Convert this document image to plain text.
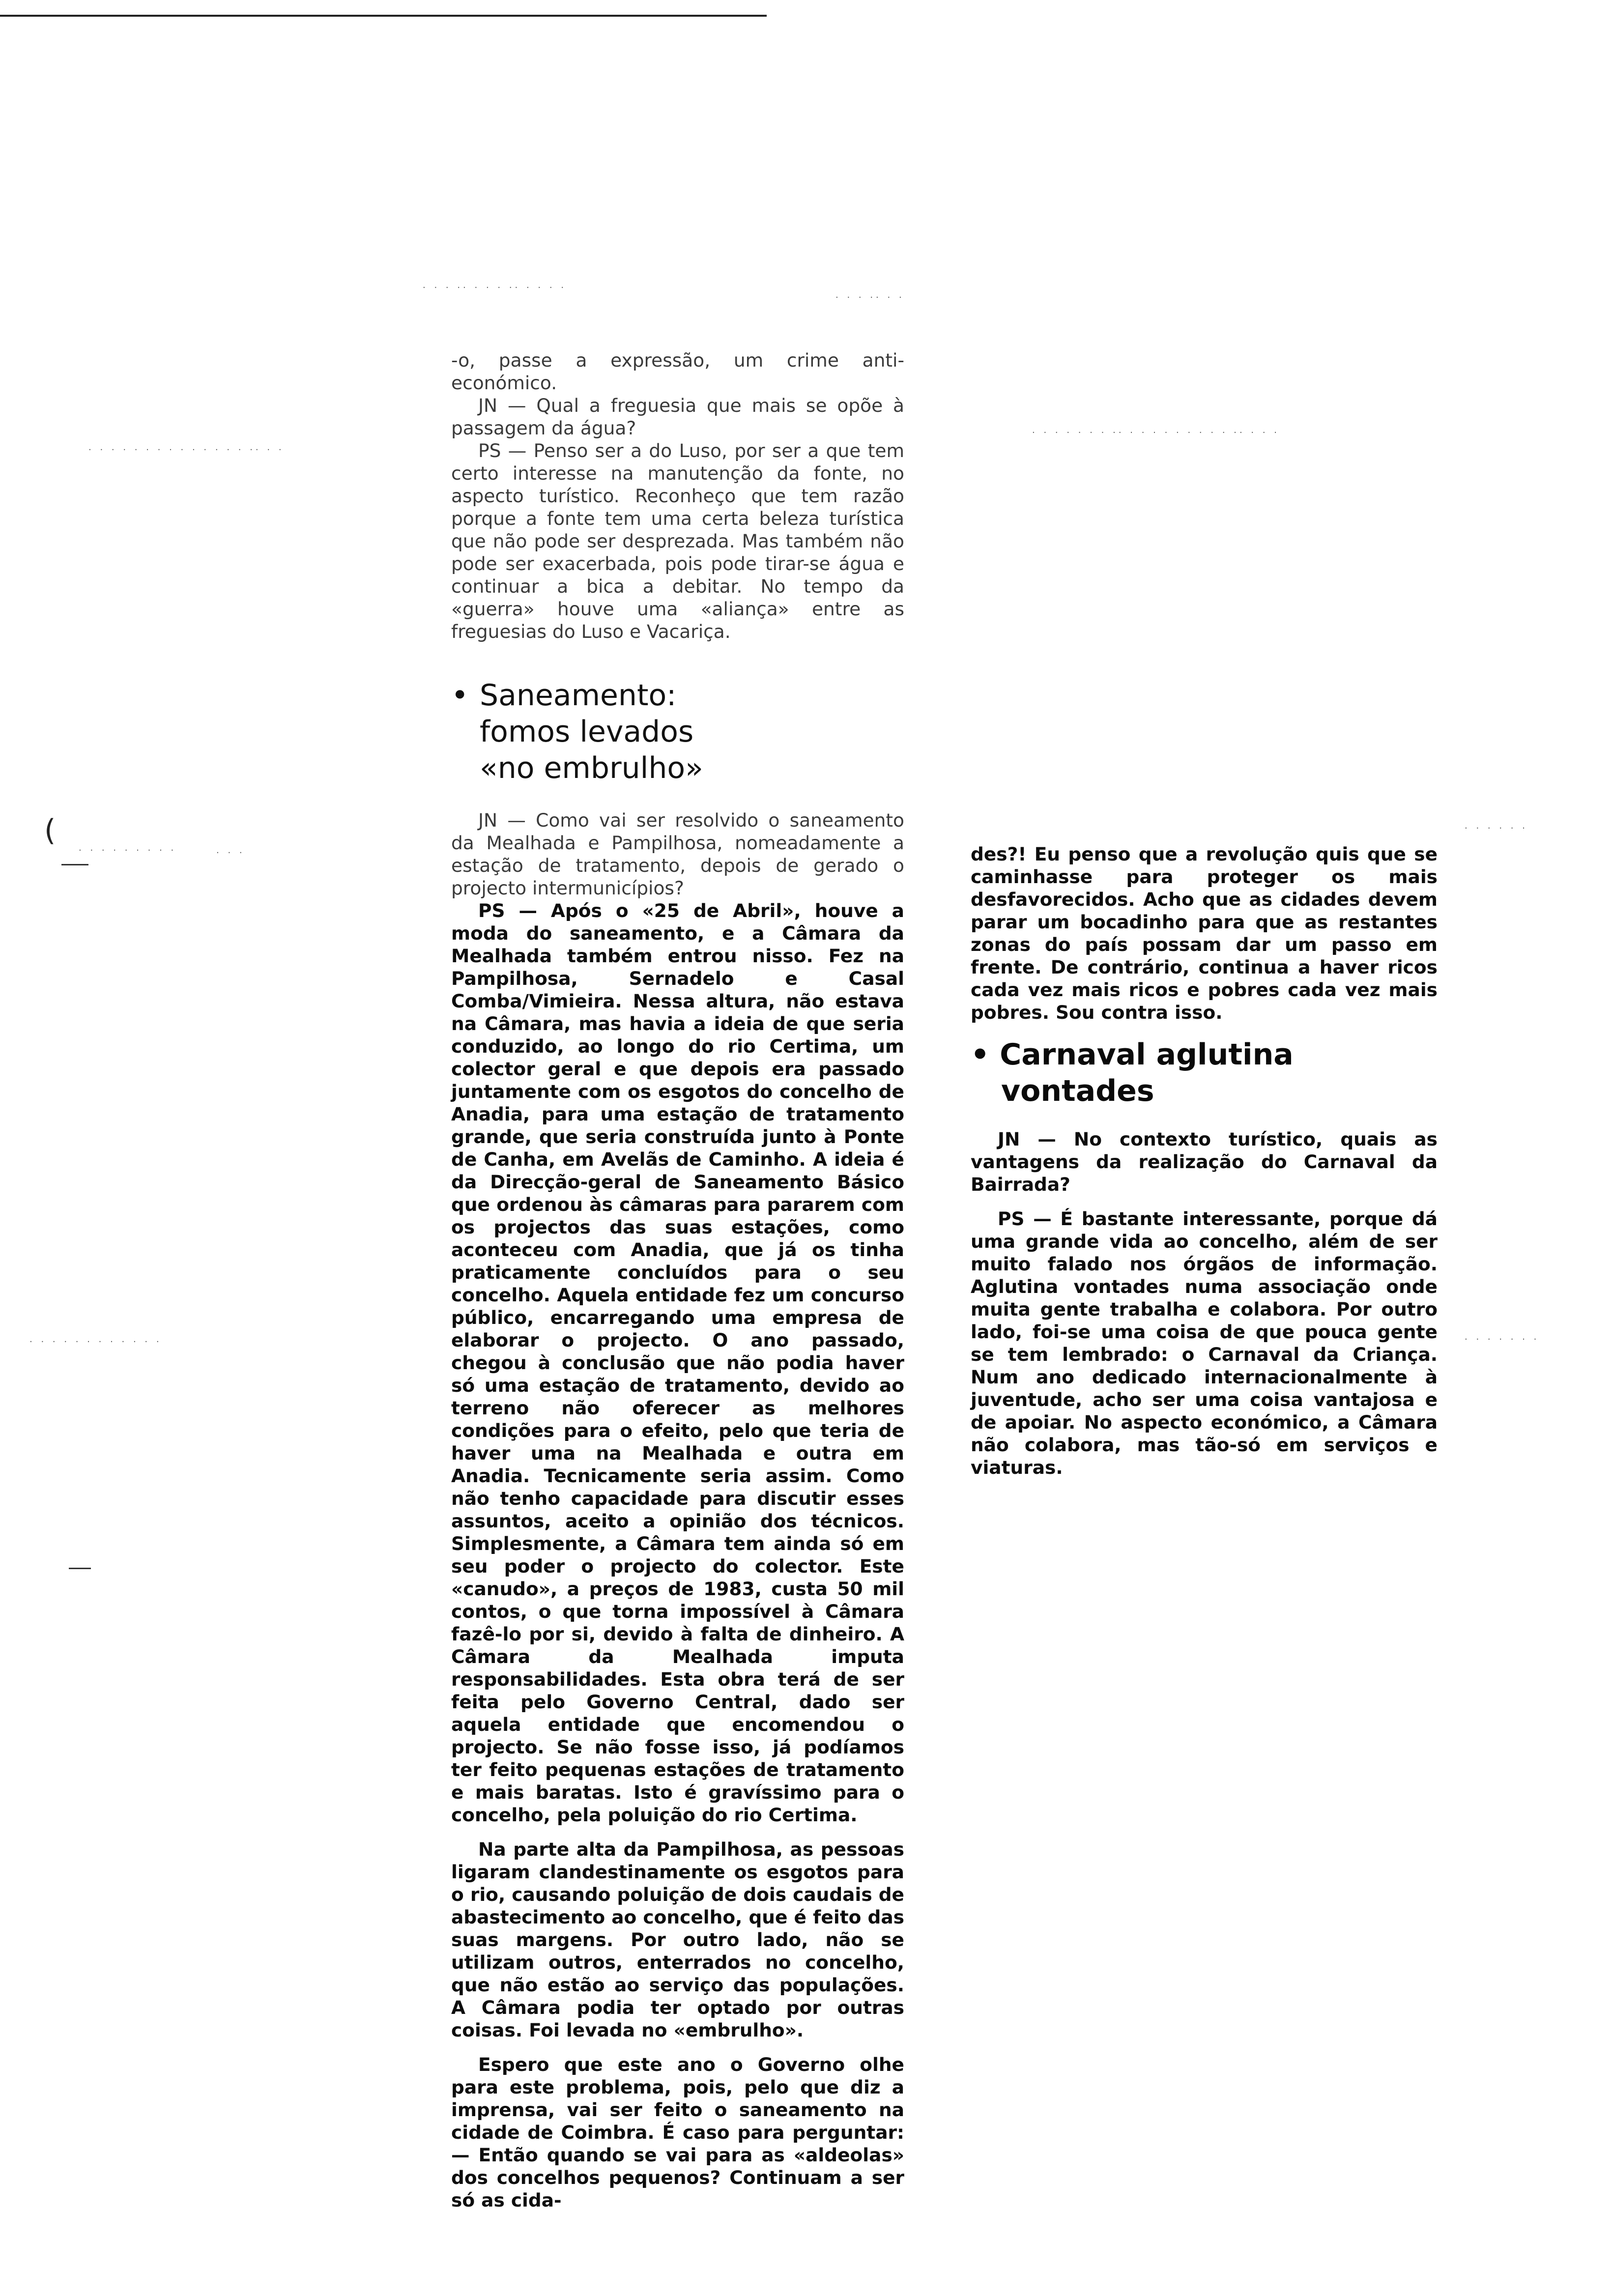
· · · ·· · · · ·· · · · ·
· · · ·· · ·
· · · · · · · · · · · · · · ·· · ·
· · · · · · · ·· · · · · · · · · · ·· · · ·
· · · · · · · · ·	· · ·
· · · · · ·
· · · · · · · · · · · ·	· · · · · · ·
(

-o, passe a expressão, um crime anti-económico.

JN — Qual a freguesia que mais se opõe à passagem da água?

PS — Penso ser a do Luso, por ser a que tem certo interesse na manutenção da fonte, no aspecto turístico. Reconheço que tem razão porque a fonte tem uma certa beleza turística que não pode ser desprezada. Mas também não pode ser exacerbada, pois pode tirar-se água e continuar a bica a debitar. No tempo da «guerra» houve uma «aliança» entre as freguesias do Luso e Vacariça.

• Saneamento:
fomos levados
«no embrulho»

JN — Como vai ser resolvido o saneamento da Mealhada e Pampilhosa, nomeadamente a estação de tratamento, depois de gerado o projecto intermunicípios?

PS — Após o «25 de Abril», houve a moda do saneamento, e a Câmara da Mealhada também entrou nisso. Fez na Pampilhosa, Sernadelo e Casal Comba/Vimieira. Nessa altura, não estava na Câmara, mas havia a ideia de que seria conduzido, ao longo do rio Certima, um colector geral e que depois era passado juntamente com os esgotos do concelho de Anadia, para uma estação de tratamento grande, que seria construída junto à Ponte de Canha, em Avelãs de Caminho. A ideia é da Direcção-geral de Saneamento Básico que ordenou às câmaras para pararem com os projectos das suas estações, como aconteceu com Anadia, que já os tinha praticamente concluídos para o seu concelho. Aquela entidade fez um concurso público, encarregando uma empresa de elaborar o projecto. O ano passado, chegou à conclusão que não podia haver só uma estação de tratamento, devido ao terreno não oferecer as melhores condições para o efeito, pelo que teria de haver uma na Mealhada e outra em Anadia. Tecnicamente seria assim. Como não tenho capacidade para discutir esses assuntos, aceito a opinião dos técnicos. Simplesmente, a Câmara tem ainda só em seu poder o projecto do colector. Este «canudo», a preços de 1983, custa 50 mil contos, o que torna impossível à Câmara fazê-lo por si, devido à falta de dinheiro. A Câmara da Mealhada imputa responsabilidades. Esta obra terá de ser feita pelo Governo Central, dado ser aquela entidade que encomendou o projecto. Se não fosse isso, já podíamos ter feito pequenas estações de tratamento e mais baratas. Isto é gravíssimo para o concelho, pela poluição do rio Certima.

Na parte alta da Pampilhosa, as pessoas ligaram clandestinamente os esgotos para o rio, causando poluição de dois caudais de abastecimento ao concelho, que é feito das suas margens. Por outro lado, não se utilizam outros, enterrados no concelho, que não estão ao serviço das populações. A Câmara podia ter optado por outras coisas. Foi levada no «embrulho».

Espero que este ano o Governo olhe para este problema, pois, pelo que diz a imprensa, vai ser feito o saneamento na cidade de Coimbra. É caso para perguntar: — Então quando se vai para as «aldeolas» dos concelhos pequenos? Continuam a ser só as cida-

des?! Eu penso que a revolução quis que se caminhasse para proteger os mais desfavorecidos. Acho que as cidades devem parar um bocadinho para que as restantes zonas do país possam dar um passo em frente. De contrário, continua a haver ricos cada vez mais ricos e pobres cada vez mais pobres. Sou contra isso.

• Carnaval aglutina
vontades

JN — No contexto turístico, quais as vantagens da realização do Carnaval da Bairrada?

PS — É bastante interessante, porque dá uma grande vida ao concelho, além de ser muito falado nos órgãos de informação. Aglutina vontades numa associação onde muita gente trabalha e colabora. Por outro lado, foi-se uma coisa de que pouca gente se tem lembrado: o Carnaval da Criança. Num ano dedicado internacionalmente à juventude, acho ser uma coisa vantajosa e de apoiar. No aspecto económico, a Câmara não colabora, mas tão-só em serviços e viaturas.
